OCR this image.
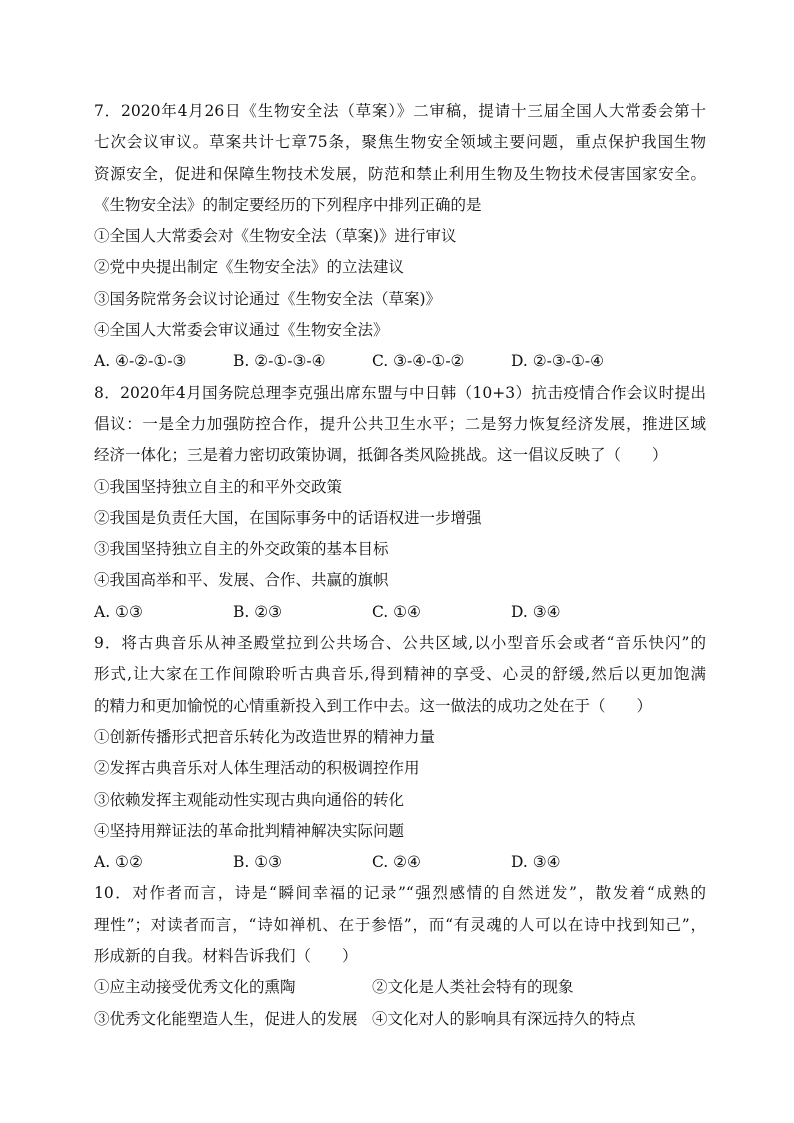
7．2020年4月26日《生物安全法（草案）》二审稿，提请十三届全国人大常委会第十
七次会议审议。草案共计七章75条，聚焦生物安全领域主要问题，重点保护我国生物
资源安全，促进和保障生物技术发展，防范和禁止利用生物及生物技术侵害国家安全。
《生物安全法》的制定要经历的下列程序中排列正确的是
①全国人大常委会对《生物安全法（草案)》进行审议
②党中央提出制定《生物安全法》的立法建议
③国务院常务会议讨论通过《生物安全法（草案)》
④全国人大常委会审议通过《生物安全法》
A. ④-②-①-③	B. ②-①-③-④	C. ③-④-①-②	D. ②-③-①-④
8．2020年4月国务院总理李克强出席东盟与中日韩（10+3）抗击疫情合作会议时提出
倡议：一是全力加强防控合作，提升公共卫生水平；二是努力恢复经济发展，推进区域
经济一体化；三是着力密切政策协调，抵御各类风险挑战。这一倡议反映了（　　）
①我国坚持独立自主的和平外交政策
②我国是负责任大国，在国际事务中的话语权进一步增强
③我国坚持独立自主的外交政策的基本目标
④我国高举和平、发展、合作、共赢的旗帜
A. ①③	B. ②③	C. ①④	D. ③④
9．将古典音乐从神圣殿堂拉到公共场合、公共区域,以小型音乐会或者“音乐快闪”的
形式,让大家在工作间隙聆听古典音乐,得到精神的享受、心灵的舒缓,然后以更加饱满
的精力和更加愉悦的心情重新投入到工作中去。这一做法的成功之处在于（　　）
①创新传播形式把音乐转化为改造世界的精神力量
②发挥古典音乐对人体生理活动的积极调控作用
③依赖发挥主观能动性实现古典向通俗的转化
④坚持用辩证法的革命批判精神解决实际问题
A. ①②	B. ①③	C. ②④	D. ③④
10．对作者而言，诗是“瞬间幸福的记录”“强烈感情的自然迸发”，散发着“成熟的
理性”；对读者而言，“诗如禅机、在于参悟”，而“有灵魂的人可以在诗中找到知己”，
形成新的自我。材料告诉我们（　　）
①应主动接受优秀文化的熏陶	②文化是人类社会特有的现象
③优秀文化能塑造人生，促进人的发展 ④文化对人的影响具有深远持久的特点
